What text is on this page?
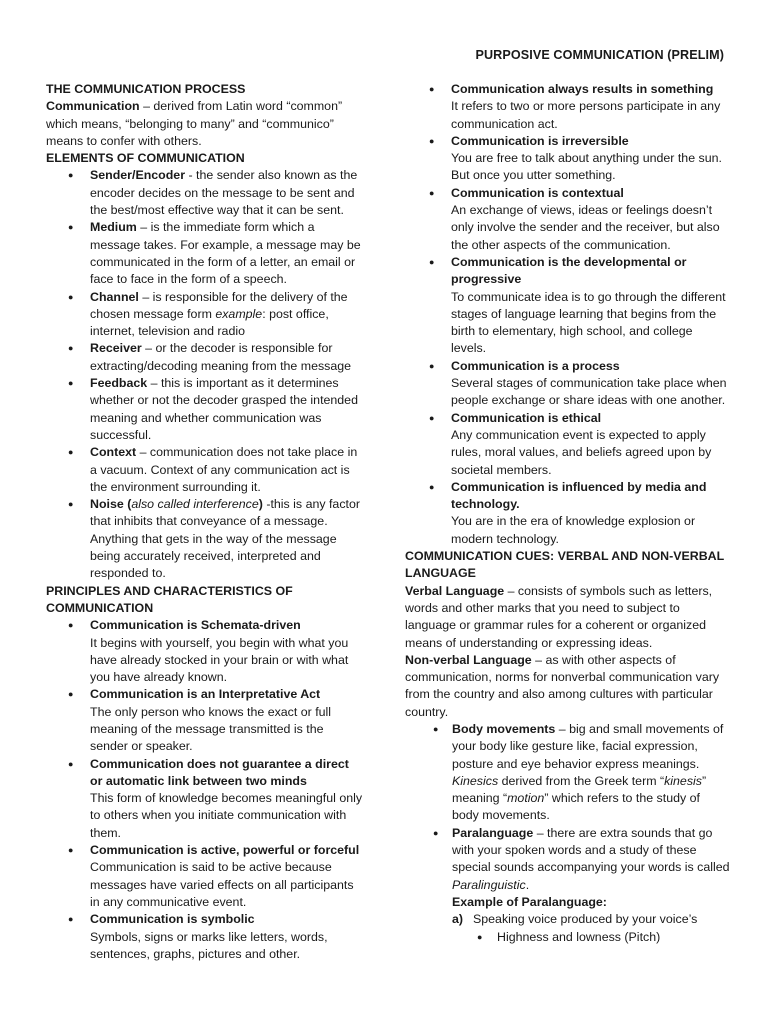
PURPOSIVE COMMUNICATION (PRELIM)
THE COMMUNICATION PROCESS
Communication – derived from Latin word “common” which means, “belonging to many” and “communico” means to confer with others.
ELEMENTS OF COMMUNICATION
● Sender/Encoder - the sender also known as the encoder decides on the message to be sent and the best/most effective way that it can be sent.
● Medium – is the immediate form which a message takes. For example, a message may be communicated in the form of a letter, an email or face to face in the form of a speech.
● Channel – is responsible for the delivery of the chosen message form example: post office, internet, television and radio
● Receiver – or the decoder is responsible for extracting/decoding meaning from the message
● Feedback – this is important as it determines whether or not the decoder grasped the intended meaning and whether communication was successful.
● Context – communication does not take place in a vacuum. Context of any communication act is the environment surrounding it.
● Noise (also called interference) -this is any factor that inhibits that conveyance of a message. Anything that gets in the way of the message being accurately received, interpreted and responded to.
PRINCIPLES AND CHARACTERISTICS OF COMMUNICATION
● Communication is Schemata-driven
It begins with yourself, you begin with what you have already stocked in your brain or with what you have already known.
● Communication is an Interpretative Act
The only person who knows the exact or full meaning of the message transmitted is the sender or speaker.
● Communication does not guarantee a direct or automatic link between two minds
This form of knowledge becomes meaningful only to others when you initiate communication with them.
● Communication is active, powerful or forceful
Communication is said to be active because messages have varied effects on all participants in any communicative event.
● Communication is symbolic
Symbols, signs or marks like letters, words, sentences, graphs, pictures and other.
● Communication always results in something
It refers to two or more persons participate in any communication act.
● Communication is irreversible
You are free to talk about anything under the sun. But once you utter something.
● Communication is contextual
An exchange of views, ideas or feelings doesn’t only involve the sender and the receiver, but also the other aspects of the communication.
● Communication is the developmental or progressive
To communicate idea is to go through the different stages of language learning that begins from the birth to elementary, high school, and college levels.
● Communication is a process
Several stages of communication take place when people exchange or share ideas with one another.
● Communication is ethical
Any communication event is expected to apply rules, moral values, and beliefs agreed upon by societal members.
● Communication is influenced by media and technology.
You are in the era of knowledge explosion or modern technology.
COMMUNICATION CUES: VERBAL AND NON-VERBAL LANGUAGE
Verbal Language – consists of symbols such as letters, words and other marks that you need to subject to language or grammar rules for a coherent or organized means of understanding or expressing ideas.
Non-verbal Language – as with other aspects of communication, norms for nonverbal communication vary from the country and also among cultures with particular country.
● Body movements – big and small movements of your body like gesture like, facial expression, posture and eye behavior express meanings. Kinesics derived from the Greek term “kinesis” meaning “motion” which refers to the study of body movements.
● Paralanguage – there are extra sounds that go with your spoken words and a study of these special sounds accompanying your words is called Paralinguistic.
Example of Paralanguage:
a) Speaking voice produced by your voice’s
● Highness and lowness (Pitch)
